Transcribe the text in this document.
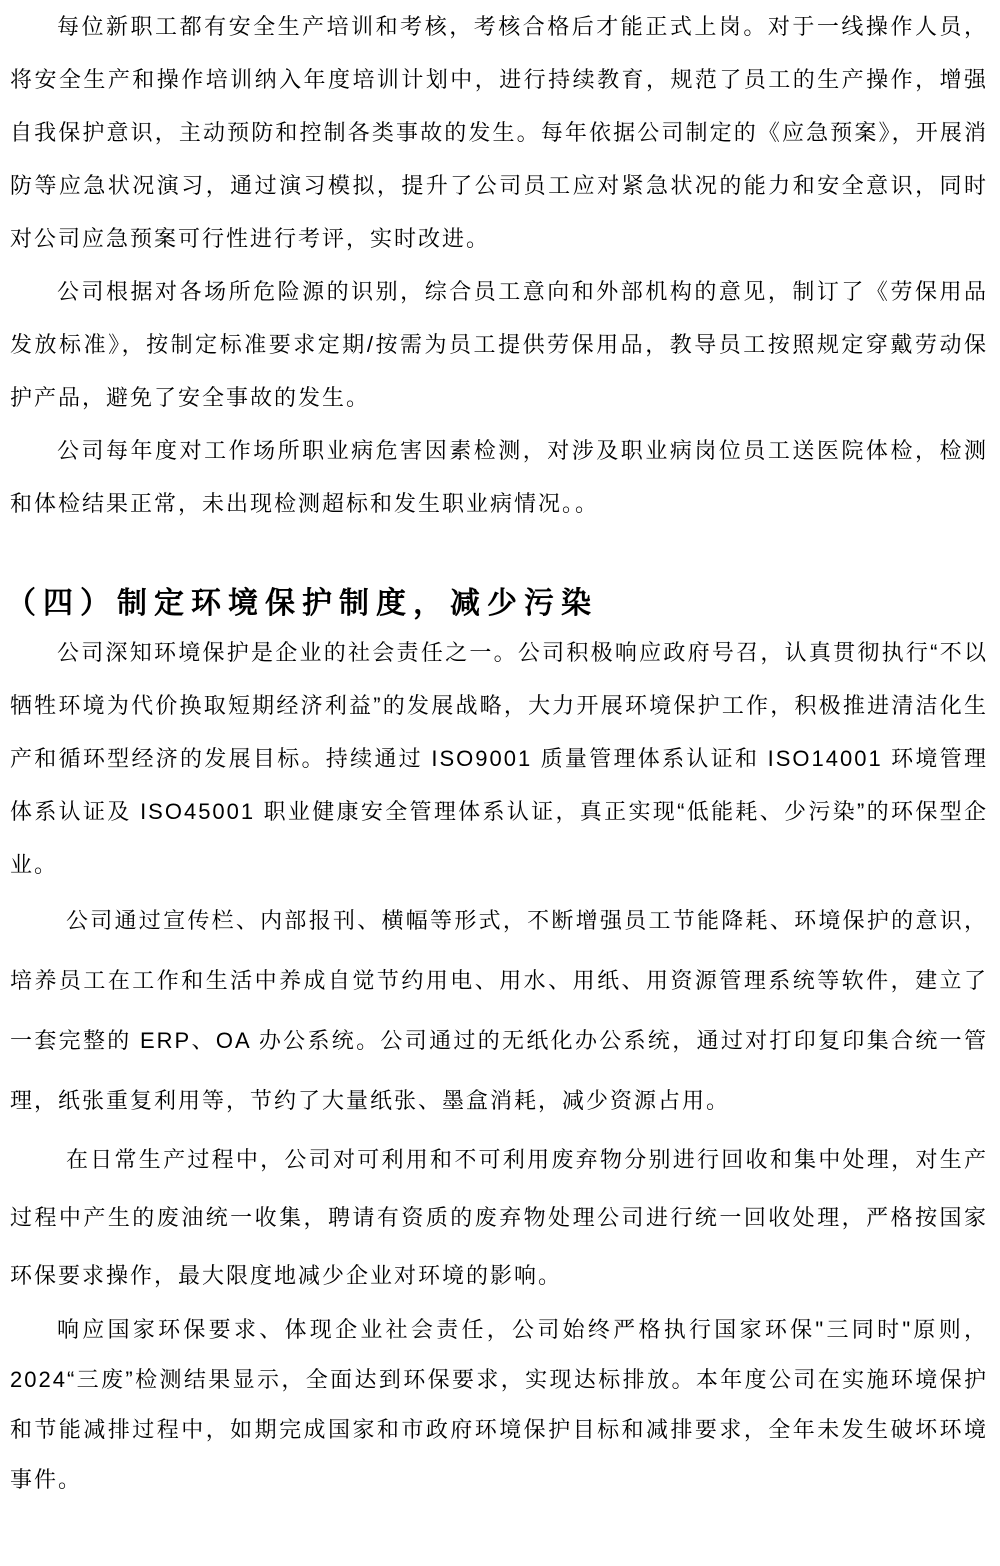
每位新职工都有安全生产培训和考核，考核合格后才能正式上岗。对于一线操作人员，将安全生产和操作培训纳入年度培训计划中，进行持续教育，规范了员工的生产操作，增强自我保护意识，主动预防和控制各类事故的发生。每年依据公司制定的《应急预案》，开展消防等应急状况演习，通过演习模拟，提升了公司员工应对紧急状况的能力和安全意识，同时对公司应急预案可行性进行考评，实时改进。

公司根据对各场所危险源的识别，综合员工意向和外部机构的意见，制订了《劳保用品发放标准》，按制定标准要求定期/按需为员工提供劳保用品，教导员工按照规定穿戴劳动保护产品，避免了安全事故的发生。

公司每年度对工作场所职业病危害因素检测，对涉及职业病岗位员工送医院体检，检测和体检结果正常，未出现检测超标和发生职业病情况。。

（四）制定环境保护制度，减少污染

公司深知环境保护是企业的社会责任之一。公司积极响应政府号召，认真贯彻执行“不以牺牲环境为代价换取短期经济利益”的发展战略，大力开展环境保护工作，积极推进清洁化生产和循环型经济的发展目标。持续通过 ISO9001 质量管理体系认证和 ISO14001 环境管理体系认证及 ISO45001 职业健康安全管理体系认证，真正实现“低能耗、少污染”的环保型企业。

公司通过宣传栏、内部报刊、横幅等形式，不断增强员工节能降耗、环境保护的意识，培养员工在工作和生活中养成自觉节约用电、用水、用纸、用资源管理系统等软件，建立了一套完整的 ERP、OA 办公系统。公司通过的无纸化办公系统，通过对打印复印集合统一管理，纸张重复利用等，节约了大量纸张、墨盒消耗，减少资源占用。

在日常生产过程中，公司对可利用和不可利用废弃物分别进行回收和集中处理，对生产过程中产生的废油统一收集，聘请有资质的废弃物处理公司进行统一回收处理，严格按国家环保要求操作，最大限度地减少企业对环境的影响。

响应国家环保要求、体现企业社会责任，公司始终严格执行国家环保"三同时"原则，2024“三废”检测结果显示，全面达到环保要求，实现达标排放。本年度公司在实施环境保护和节能减排过程中，如期完成国家和市政府环境保护目标和减排要求，全年未发生破坏环境事件。
